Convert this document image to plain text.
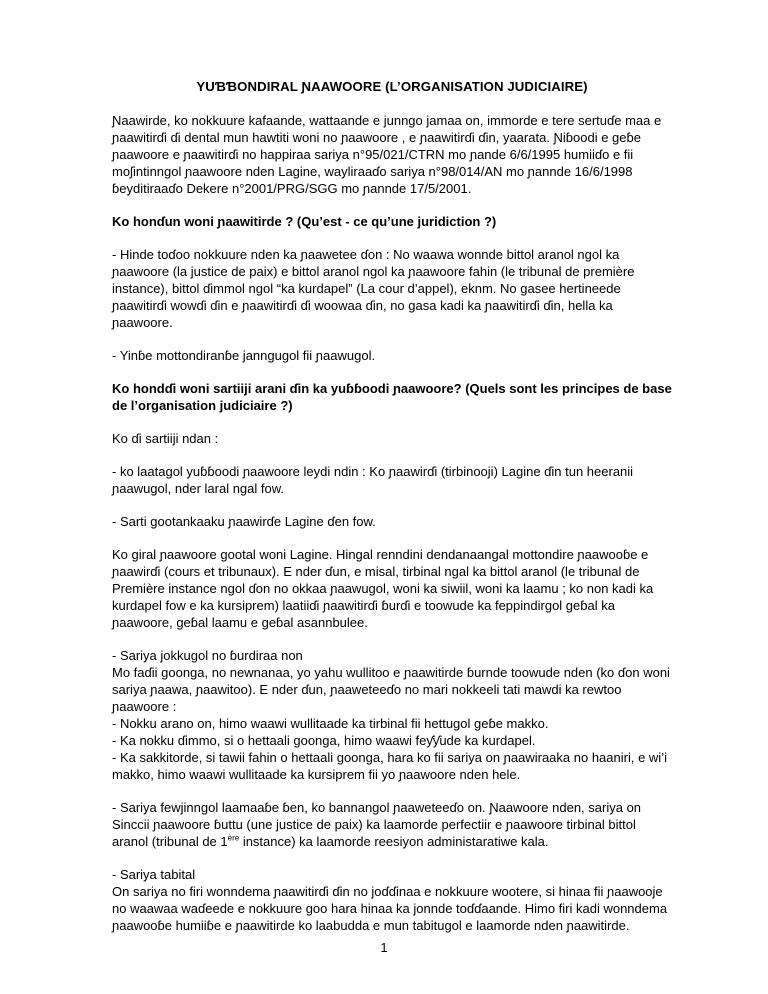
YUƁƁONDIRAL ƝAAWOORE (L’ORGANISATION JUDICIAIRE)

Ɲaawirde, ko nokkuure kafaande, wattaande e junngo jamaa on, immorde e tere sertuɗe maa e ɲaawitirɗi ɗi dental mun hawtiti woni no ɲaawoore , e ɲaawitirɗi ɗin, yaarata. Ɲiɓoodi e geɓe ɲaawoore e ɲaawitirɗi no happiraa sariya n°95/021/CTRN mo ɲande 6/6/1995 humiiɗo e fii moʃintinngol ɲaawoore nden Lagine, wayliraaɗo sariya n°98/014/AN mo ɲannde 16/6/1998 ɓeyditiraaɗo Dekere n°2001/PRG/SGG mo ɲannde 17/5/2001.

Ko honɗun woni ɲaawitirde ? (Qu’est - ce qu’une juridiction ?)

- Hinde toɗoo nokkuure nden ka ɲaawetee ɗon : No waawa wonnde bittol aranol ngol ka ɲaawoore (la justice de paix) e bittol aranol ngol ka ɲaawoore fahin (le tribunal de première instance), bittol ɗimmol ngol “ka kurdapel” (La cour d’appel), eknm. No gasee hertineede ɲaawitirɗi wowɗi ɗin e ɲaawitirɗi ɗi woowaa ɗin, no gasa kadi ka ɲaawitirɗi ɗin, hella ka ɲaawoore.

- Yinɓe mottondiranɓe janngugol fii ɲaawugol.

Ko hondɗi woni sartiiji arani ɗin ka yuɓɓoodi ɲaawoore? (Quels sont les principes de base de l’organisation judiciaire ?)

Ko ɗi sartiiji ndan :

- ko laatagol yuɓɓoodi ɲaawoore leydi ndin : Ko ɲaawirɗi (tirbinooji) Lagine ɗin tun heeranii ɲaawugol, nder laral ngal fow.

- Sarti gootankaaku ɲaawirɗe Lagine ɗen fow.

Ko giral ɲaawoore gootal woni Lagine. Hingal renndini dendanaangal mottondire ɲaawooɓe e ɲaawirɗi (cours et tribunaux). E nder ɗun, e misal, tirbinal ngal ka bittol aranol (le tribunal de Première instance ngol ɗon no okkaa ɲaawugol, woni ka siwiil, woni ka laamu ; ko non kadi ka kurdapel fow e ka kursiprem) laatiiɗi ɲaawitirɗi ɓurɗi e toowude ka feppindirgol geɓal ka ɲaawoore, geɓal laamu e geɓal asannbulee.

- Sariya jokkugol no ɓurdiraa non
Mo faɗii goonga, no newnanaa, yo yahu wullitoo e ɲaawitirde ɓurnde toowude nden (ko ɗon woni sariya ɲaawa, ɲaawitoo). E nder ɗun, ɲaaweteeɗo no mari nokkeeli tati mawdi ka rewtoo ɲaawoore :
- Nokku arano on, himo waawi wullitaade ka tirbinal fii hettugol geɓe makko.
- Ka nokku ɗimmo, si o hettaali goonga, himo waawi feƴƴude ka kurdapel.
- Ka sakkitorde, si tawii fahin o hettaali goonga, hara ko fii sariya on ɲaawiraaka no haaniri, e wi’i makko, himo waawi wullitaade ka kursiprem fii yo ɲaawoore nden hele.

- Sariya fewjinngol laamaaɓe ɓen, ko bannangol ɲaaweteeɗo on. Ɲaawoore nden, sariya on Sinccii ɲaawoore ɓuttu (une justice de paix) ka laamorde perfectiir e ɲaawoore tirbinal bittol aranol (tribunal de 1ère instance) ka laamorde reesiyon administaratiwe kala.

- Sariya tabital
On sariya no firi wonndema ɲaawitirɗi ɗin no joɗɗinaa e nokkuure wootere, si hinaa fii ɲaawooje no waawaa waɗeede e nokkuure goo hara hinaa ka jonnde toɗɗaande. Himo firi kadi wonndema ɲaawooɓe humiiɓe e ɲaawitirde ko laabudda e mun tabitugol e laamorde nden ɲaawitirde.

1
